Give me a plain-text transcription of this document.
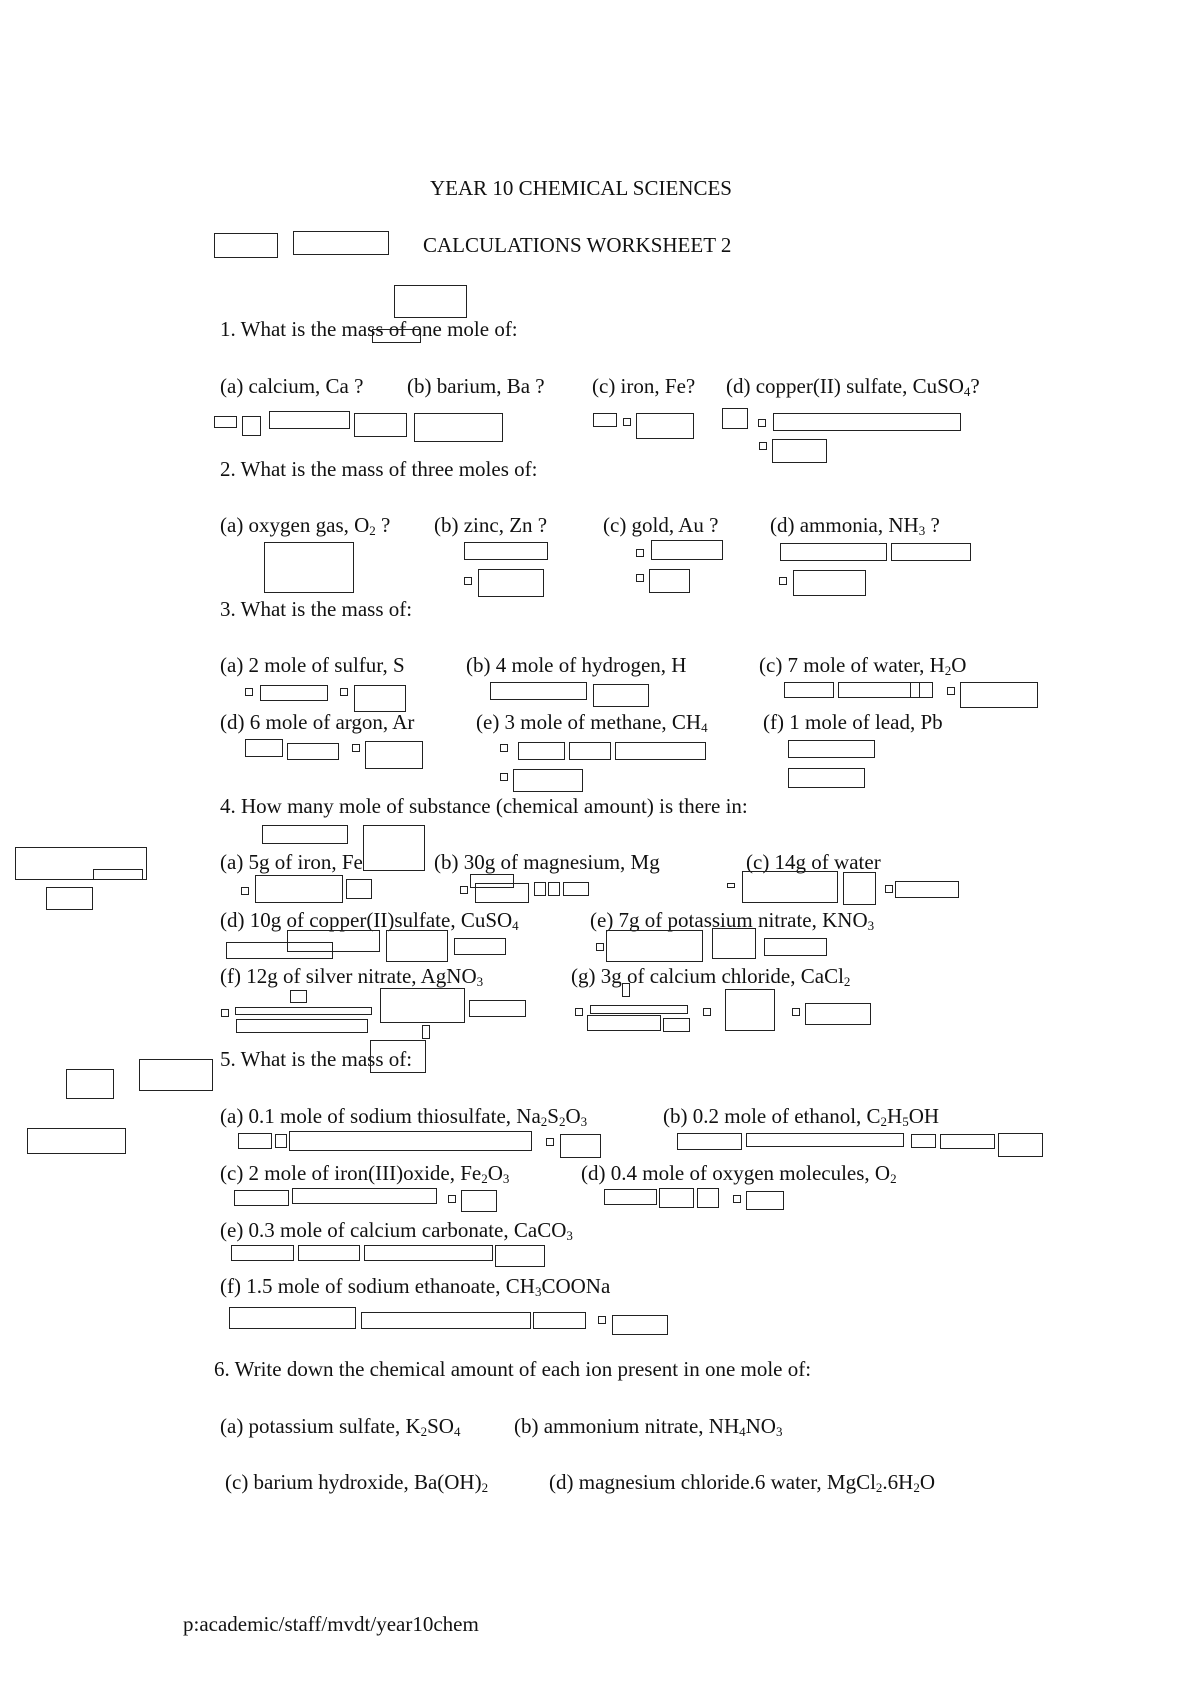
YEAR 10 CHEMICAL SCIENCES
CALCULATIONS WORKSHEET 2
1. What is the mass of one mole of:
(a) calcium, Ca ? (b) barium, Ba ? (c) iron, Fe? (d) copper(II) sulfate, CuSO$_4$?
2. What is the mass of three moles of:
(a) oxygen gas, $O_2$ ? (b) zinc, Zn ?	(c) gold, Au ? (d) ammonia, $NH_3$ ?
3. What is the mass of:
(a) 2 mole of sulfur, S	(b) 4 mole of hydrogen, H	(c) 7 mole of water, $H_2O$
(d) 6 mole of argon, Ar	(e) 3 mole of methane, $CH_4$	(f) 1 mole of lead, Pb
4. How many mole of substance (chemical amount) is there in:
(a) 5g of iron, Fe	(b) 30g of magnesium, Mg	(c) 14g of water
(d) 10g of copper(II)sulfate, CuSO$_4$	(e) 7g of potassium nitrate, $KNO_3$
(f) 12g of silver nitrate, AgNO$_3$	(g) 3g of calcium chloride, CaCl$_2$
5. What is the mass of:
(a) 0.1 mole of sodium thiosulfate, $Na_2S_2O_3$	(b) 0.2 mole of ethanol, $C_2H_5OH$
(c) 2 mole of iron(III)oxide, $Fe_2O_3$	(d) 0.4 mole of oxygen molecules, $O_2$
(e) 0.3 mole of calcium carbonate, CaCO$_3$
(f) 1.5 mole of sodium ethanoate, $CH_3COONa$
6. Write down the chemical amount of each ion present in one mole of:
(a) potassium sulfate, $K_2SO_4$	(b) ammonium nitrate, $NH_4NO_3$
(c) barium hydroxide, $Ba(OH)_2$	(d) magnesium chloride.6 water, $MgCl_2.6H_2O$
p:academic/staff/mvdt/year10chem
